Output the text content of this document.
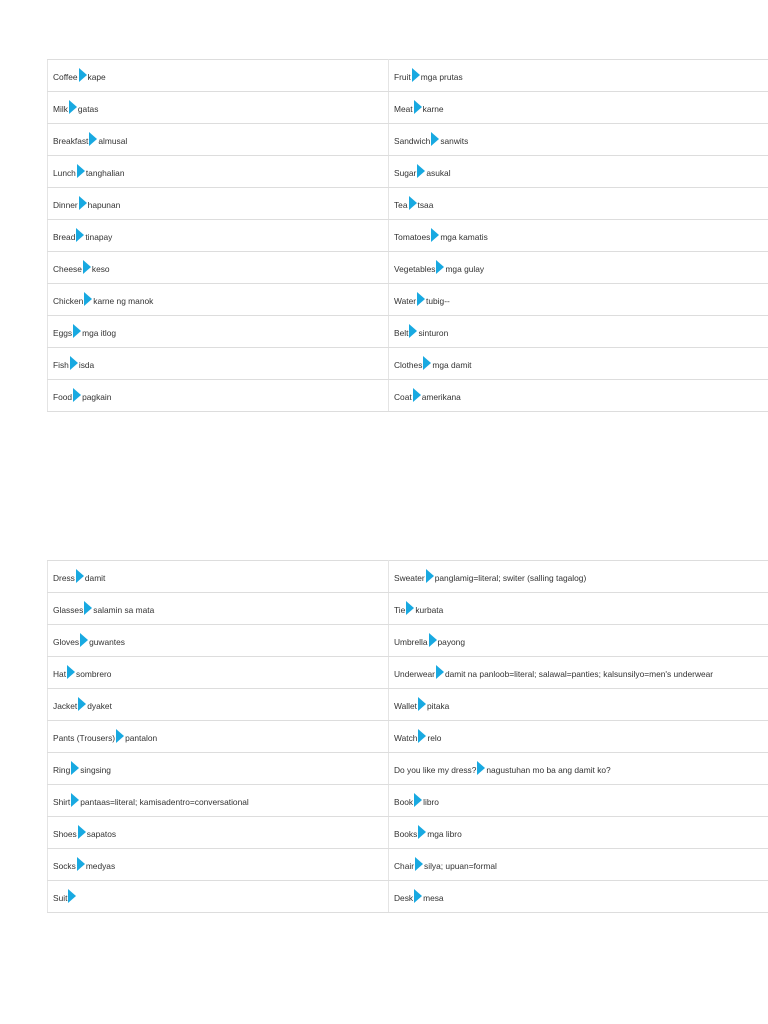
Coffee kape	Fruit mga prutas
Milk gatas	Meat karne
Breakfast almusal	Sandwich sanwits
Lunch tanghalian	Sugar asukal
Dinner hapunan	Tea tsaa
Bread tinapay	Tomatoes mga kamatis
Cheese keso	Vegetables mga gulay
Chicken karne ng manok	Water tubig--
Eggs mga itlog	Belt sinturon
Fish isda	Clothes mga damit
Food pagkain	Coat amerikana
Dress damit	Sweater panglamig=literal; switer (salling tagalog)
Glasses salamin sa mata	Tie kurbata
Gloves guwantes	Umbrella payong
Hat sombrero	Underwear damit na panloob=literal; salawal=panties; kalsunsilyo=men's underwear
Jacket dyaket	Wallet pitaka
Pants (Trousers) pantalon	Watch relo
Ring singsing	Do you like my dress? nagustuhan mo ba ang damit ko?
Shirt pantaas=literal; kamisadentro=conversational	Book libro
Shoes sapatos	Books mga libro
Socks medyas	Chair silya; upuan=formal
Suit	Desk mesa
